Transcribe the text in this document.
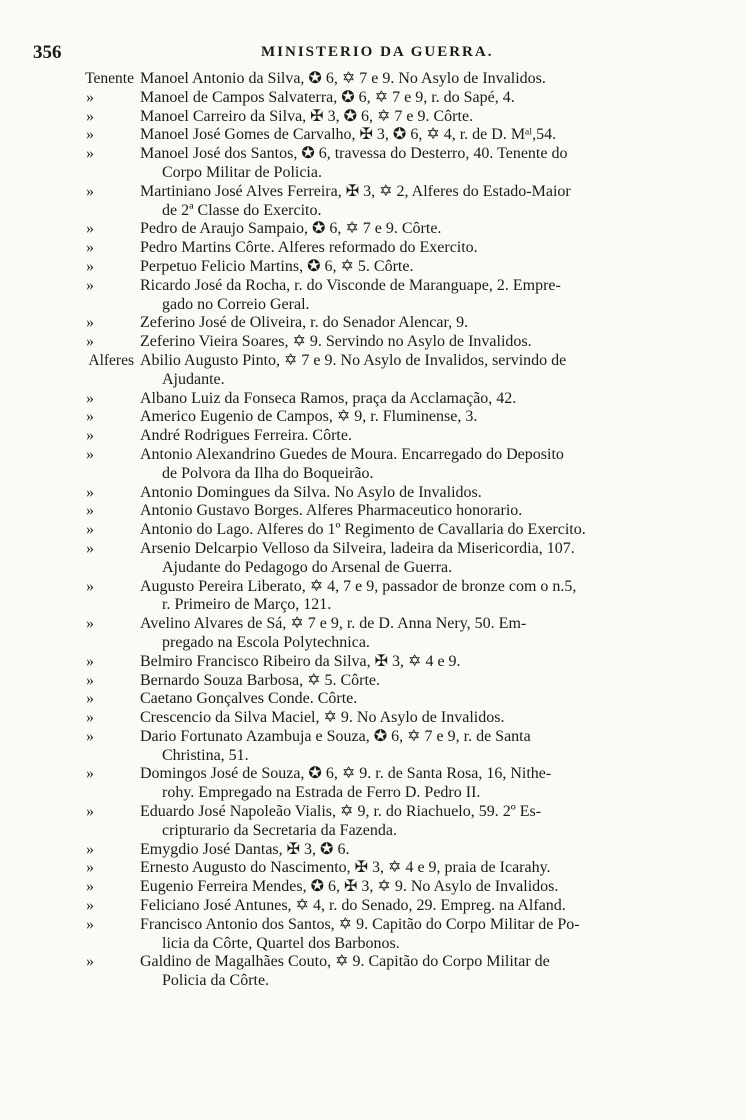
356	MINISTERIO DA GUERRA.
Tenente Manoel Antonio da Silva, ✪ 6, ✡ 7 e 9. No Asylo de Invalidos.
»	Manoel de Campos Salvaterra, ✪ 6, ✡ 7 e 9, r. do Sapé, 4.
»	Manoel Carreiro da Silva, ✠ 3, ✪ 6, ✡ 7 e 9. Côrte.
»	Manoel José Gomes de Carvalho, ✠ 3, ✪ 6, ✡ 4, r. de D. Mᵃˡ,54.
»	Manoel José dos Santos, ✪ 6, travessa do Desterro, 40. Tenente do
Corpo Militar de Policia.
»	Martiniano José Alves Ferreira, ✠ 3, ✡ 2, Alferes do Estado-Maior
de 2ª Classe do Exercito.
»	Pedro de Araujo Sampaio, ✪ 6, ✡ 7 e 9. Côrte.
»	Pedro Martins Côrte. Alferes reformado do Exercito.
»	Perpetuo Felicio Martins, ✪ 6, ✡ 5. Côrte.
»	Ricardo José da Rocha, r. do Visconde de Maranguape, 2. Empre-
gado no Correio Geral.
»	Zeferino José de Oliveira, r. do Senador Alencar, 9.
»	Zeferino Vieira Soares, ✡ 9. Servindo no Asylo de Invalidos.
Alferes Abilio Augusto Pinto, ✡ 7 e 9. No Asylo de Invalidos, servindo de
Ajudante.
»	Albano Luiz da Fonseca Ramos, praça da Acclamação, 42.
»	Americo Eugenio de Campos, ✡ 9, r. Fluminense, 3.
»	André Rodrigues Ferreira. Côrte.
»	Antonio Alexandrino Guedes de Moura. Encarregado do Deposito
de Polvora da Ilha do Boqueirão.
»	Antonio Domingues da Silva. No Asylo de Invalidos.
»	Antonio Gustavo Borges. Alferes Pharmaceutico honorario.
»	Antonio do Lago. Alferes do 1º Regimento de Cavallaria do Exercito.
»	Arsenio Delcarpio Velloso da Silveira, ladeira da Misericordia, 107.
Ajudante do Pedagogo do Arsenal de Guerra.
»	Augusto Pereira Liberato, ✡ 4, 7 e 9, passador de bronze com o n.5,
r. Primeiro de Março, 121.
»	Avelino Alvares de Sá, ✡ 7 e 9, r. de D. Anna Nery, 50. Em-
pregado na Escola Polytechnica.
»	Belmiro Francisco Ribeiro da Silva, ✠ 3, ✡ 4 e 9.
»	Bernardo Souza Barbosa, ✡ 5. Côrte.
»	Caetano Gonçalves Conde. Côrte.
»	Crescencio da Silva Maciel, ✡ 9. No Asylo de Invalidos.
»	Dario Fortunato Azambuja e Souza, ✪ 6, ✡ 7 e 9, r. de Santa
Christina, 51.
»	Domingos José de Souza, ✪ 6, ✡ 9. r. de Santa Rosa, 16, Nithe-
rohy. Empregado na Estrada de Ferro D. Pedro II.
»	Eduardo José Napoleão Vialis, ✡ 9, r. do Riachuelo, 59. 2º Es-
cripturario da Secretaria da Fazenda.
»	Emygdio José Dantas, ✠ 3, ✪ 6.
»	Ernesto Augusto do Nascimento, ✠ 3, ✡ 4 e 9, praia de Icarahy.
»	Eugenio Ferreira Mendes, ✪ 6, ✠ 3, ✡ 9. No Asylo de Invalidos.
»	Feliciano José Antunes, ✡ 4, r. do Senado, 29. Empreg. na Alfand.
»	Francisco Antonio dos Santos, ✡ 9. Capitão do Corpo Militar de Po-
licia da Côrte, Quartel dos Barbonos.
»	Galdino de Magalhães Couto, ✡ 9. Capitão do Corpo Militar de
Policia da Côrte.
